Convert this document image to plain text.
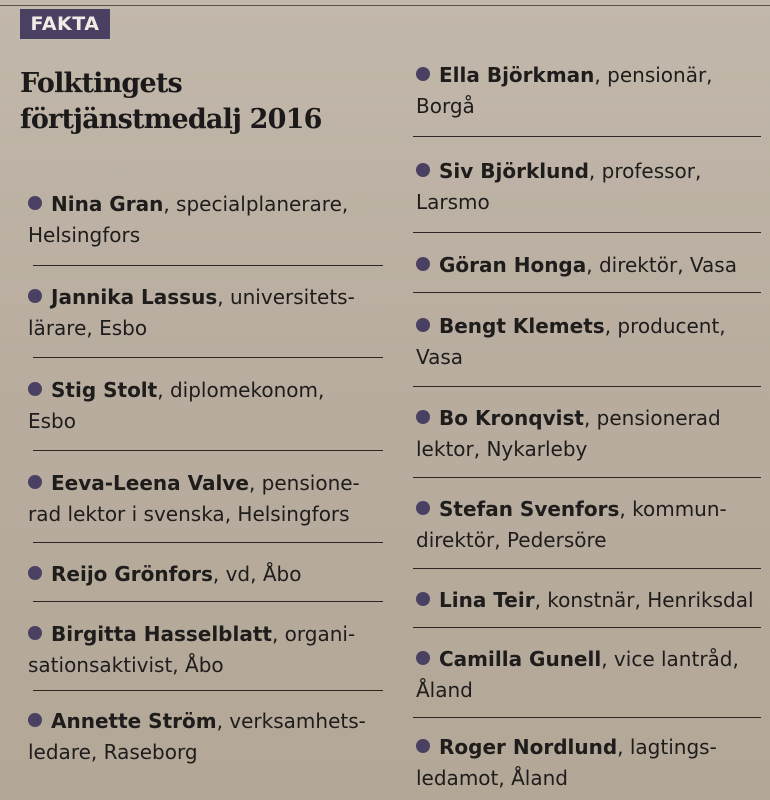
FAKTA
Folktingets
förtjänstmedalj 2016

Nina Gran, specialplanerare,
Helsingfors

Jannika Lassus, universitets-
lärare, Esbo

Stig Stolt, diplomekonom,
Esbo

Eeva-Leena Valve, pensione-
rad lektor i svenska, Helsingfors

Reijo Grönfors, vd, Åbo

Birgitta Hasselblatt, organi-
sationsaktivist, Åbo

Annette Ström, verksamhets-
ledare, Raseborg

Ella Björkman, pensionär,
Borgå

Siv Björklund, professor,
Larsmo

Göran Honga, direktör, Vasa

Bengt Klemets, producent,
Vasa

Bo Kronqvist, pensionerad
lektor, Nykarleby

Stefan Svenfors, kommun-
direktör, Pedersöre

Lina Teir, konstnär, Henriksdal

Camilla Gunell, vice lantråd,
Åland

Roger Nordlund, lagtings-
ledamot, Åland
